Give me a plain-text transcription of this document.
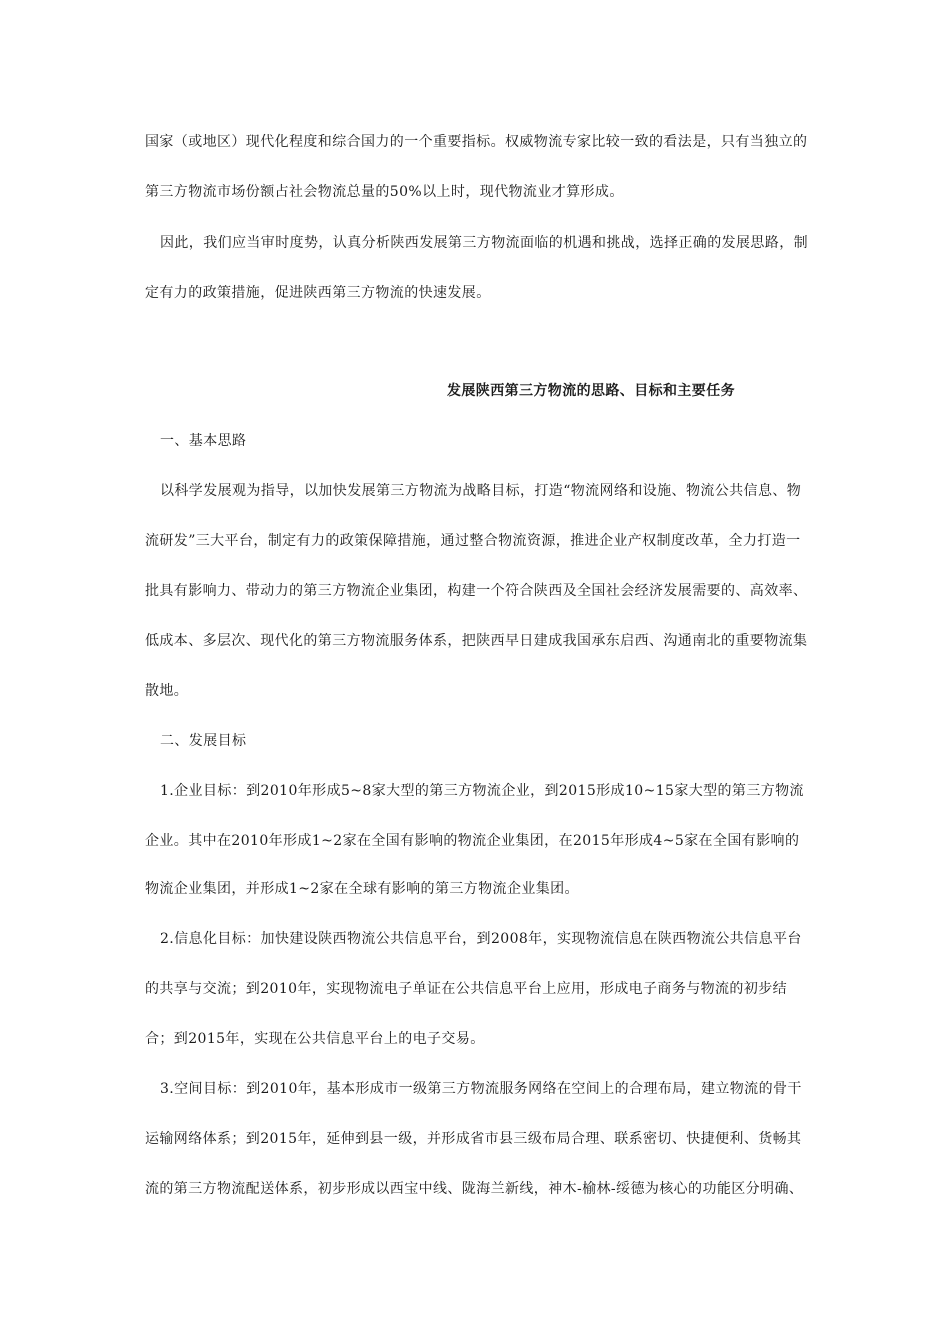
国家（或地区）现代化程度和综合国力的一个重要指标。权威物流专家比较一致的看法是，只有当独立的
第三方物流市场份额占社会物流总量的50%以上时，现代物流业才算形成。
因此，我们应当审时度势，认真分析陕西发展第三方物流面临的机遇和挑战，选择正确的发展思路，制
定有力的政策措施，促进陕西第三方物流的快速发展。
发展陕西第三方物流的思路、目标和主要任务
一、基本思路
以科学发展观为指导，以加快发展第三方物流为战略目标，打造“物流网络和设施、物流公共信息、物
流研发”三大平台，制定有力的政策保障措施，通过整合物流资源，推进企业产权制度改革，全力打造一
批具有影响力、带动力的第三方物流企业集团，构建一个符合陕西及全国社会经济发展需要的、高效率、
低成本、多层次、现代化的第三方物流服务体系，把陕西早日建成我国承东启西、沟通南北的重要物流集
散地。
二、发展目标
1.企业目标：到2010年形成5~8家大型的第三方物流企业，到2015形成10~15家大型的第三方物流
企业。其中在2010年形成1~2家在全国有影响的物流企业集团，在2015年形成4~5家在全国有影响的
物流企业集团，并形成1~2家在全球有影响的第三方物流企业集团。
2.信息化目标：加快建设陕西物流公共信息平台，到2008年，实现物流信息在陕西物流公共信息平台
的共享与交流；到2010年，实现物流电子单证在公共信息平台上应用，形成电子商务与物流的初步结
合；到2015年，实现在公共信息平台上的电子交易。
3.空间目标：到2010年，基本形成市一级第三方物流服务网络在空间上的合理布局，建立物流的骨干
运输网络体系；到2015年，延伸到县一级，并形成省市县三级布局合理、联系密切、快捷便利、货畅其
流的第三方物流配送体系，初步形成以西宝中线、陇海兰新线，神木-榆林-绥德为核心的功能区分明确、
